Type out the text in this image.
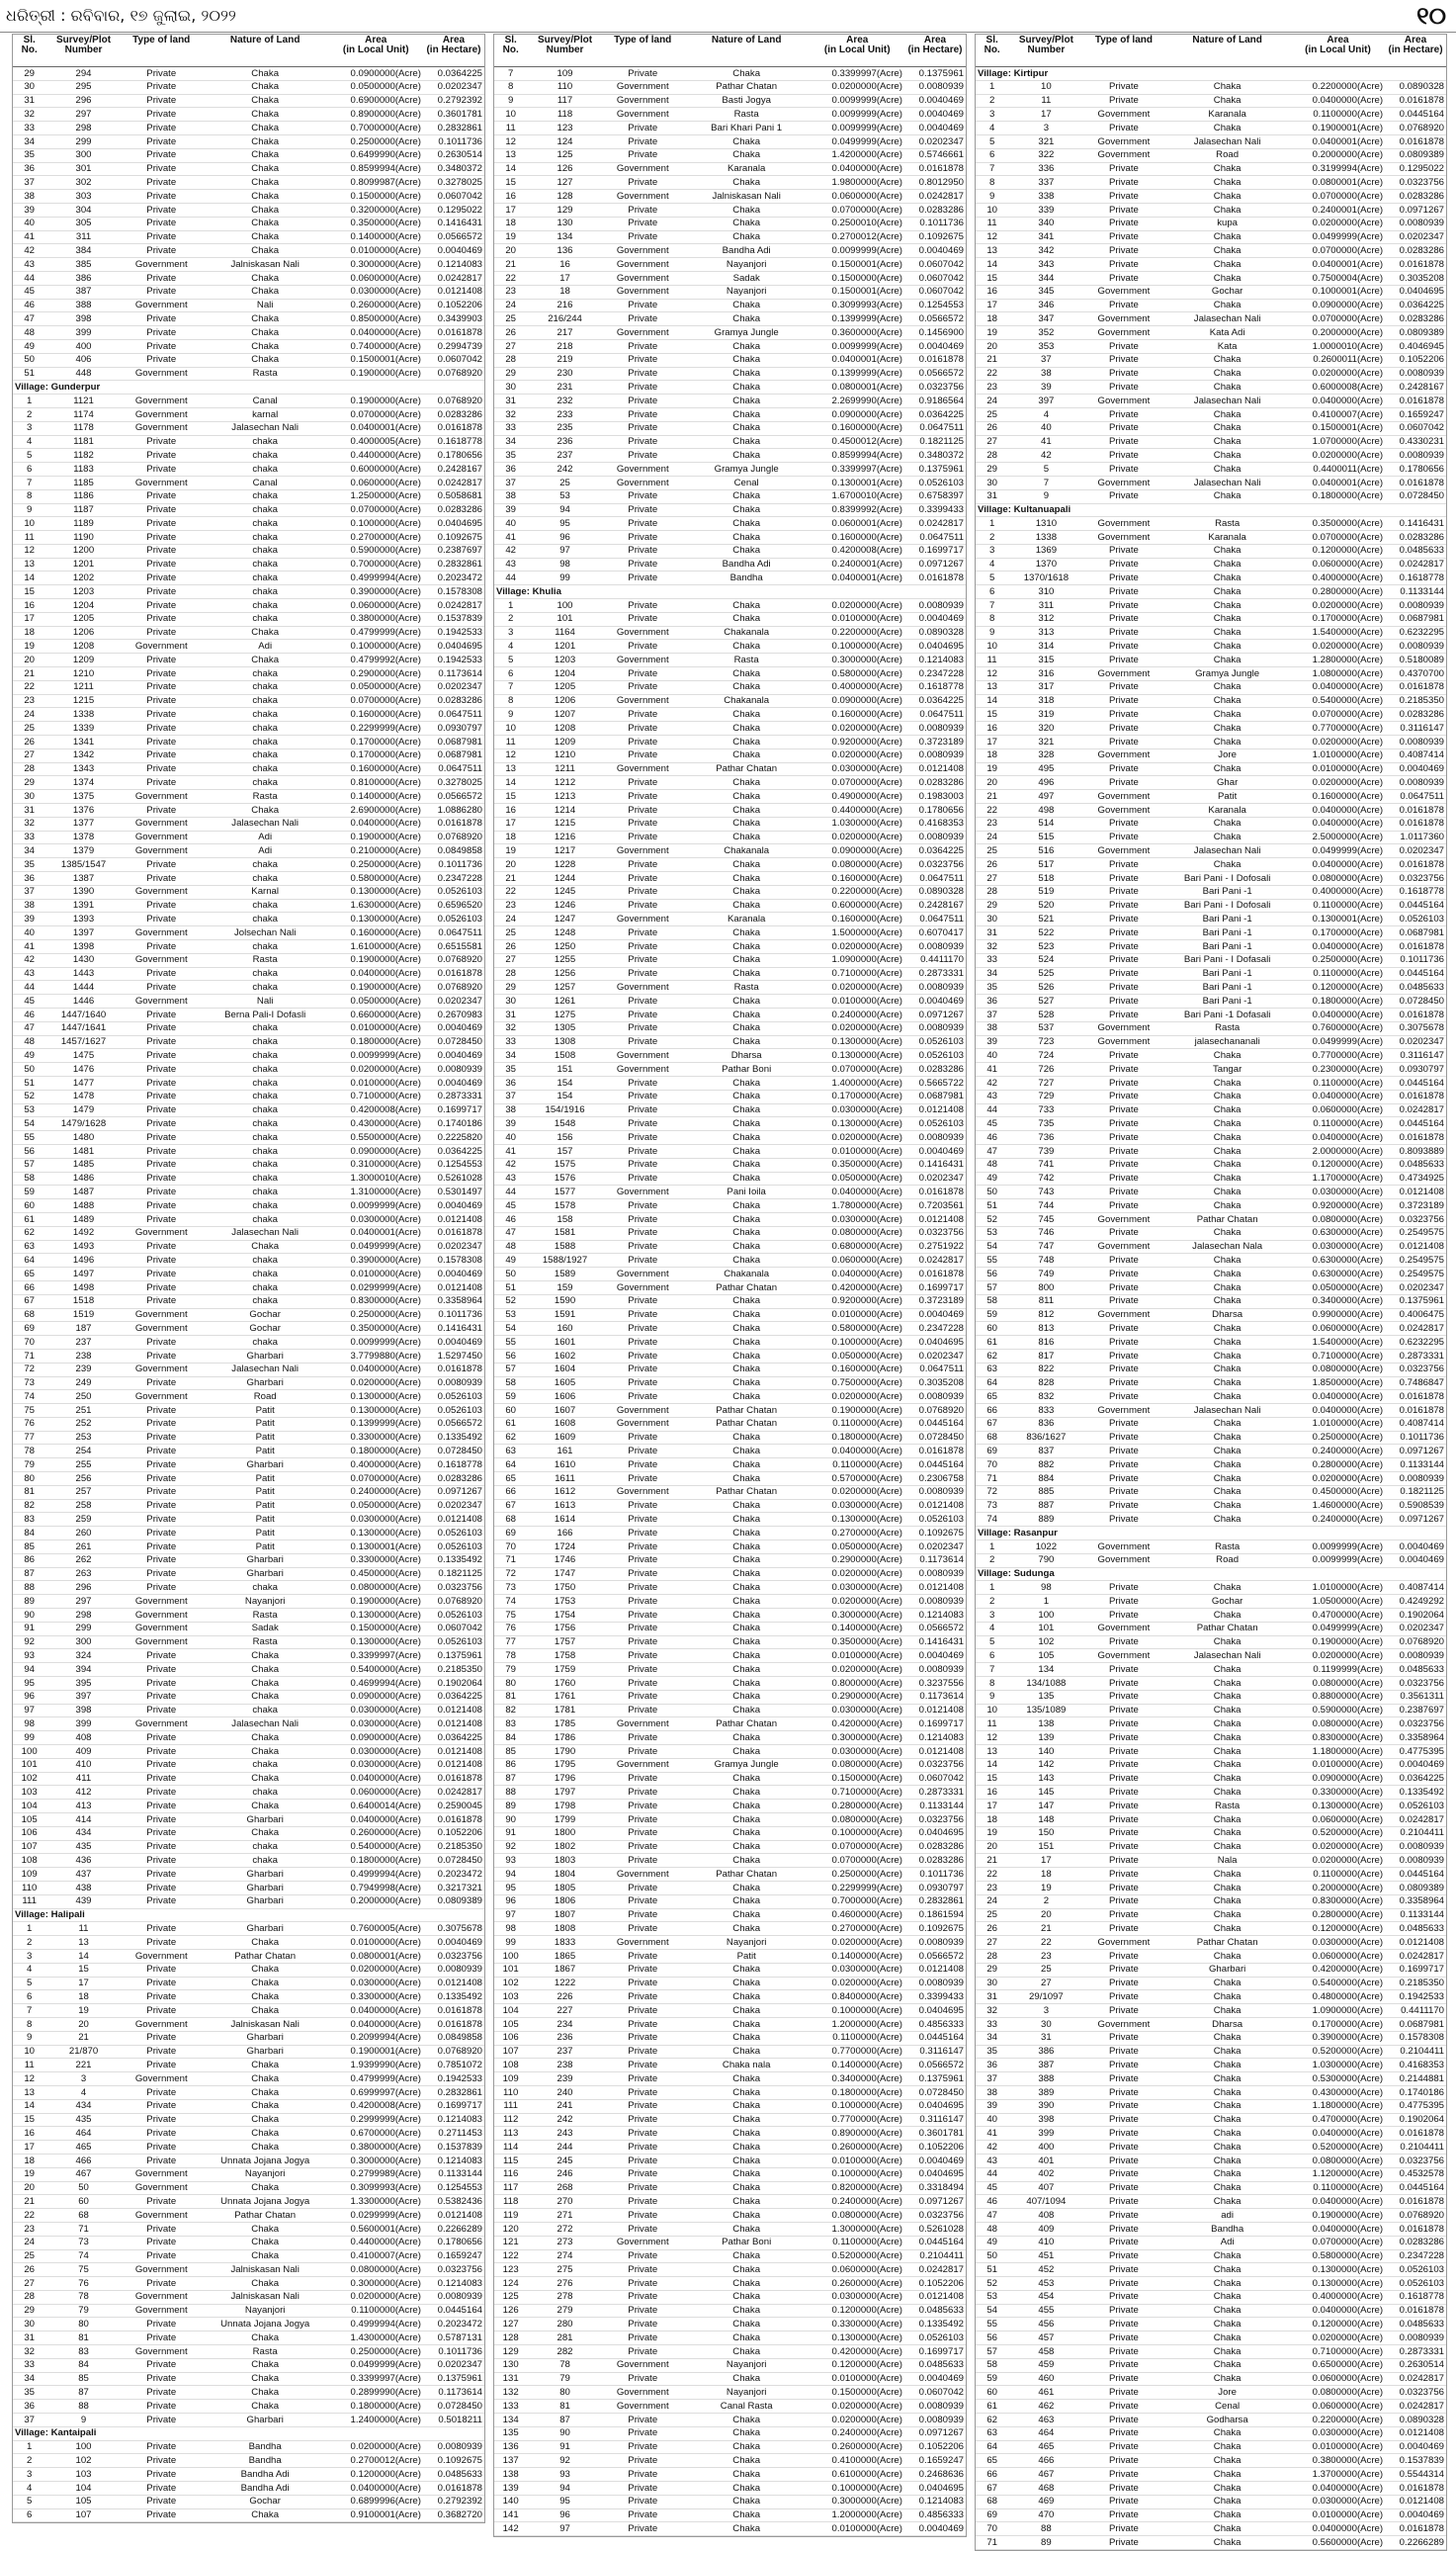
ଧରିତ୍ରୀ : ରବିବାର, ୧୭ ଜୁଲାଇ, ୨୦୨୨	୧୦
Sl.
No.	Survey/Plot
Number	Type of land	Nature of Land	Area
(in Local Unit)	Area
(in Hectare)
29	294	Private	Chaka	0.0900000(Acre)	0.0364225
30	295	Private	Chaka	0.0500000(Acre)	0.0202347
31	296	Private	Chaka	0.6900000(Acre)	0.2792392
32	297	Private	Chaka	0.8900000(Acre)	0.3601781
33	298	Private	Chaka	0.7000000(Acre)	0.2832861
34	299	Private	Chaka	0.2500000(Acre)	0.1011736
35	300	Private	Chaka	0.6499990(Acre)	0.2630514
36	301	Private	Chaka	0.8599994(Acre)	0.3480372
37	302	Private	Chaka	0.8099987(Acre)	0.3278025
38	303	Private	Chaka	0.1500000(Acre)	0.0607042
39	304	Private	Chaka	0.3200000(Acre)	0.1295022
40	305	Private	Chaka	0.3500000(Acre)	0.1416431
41	311	Private	Chaka	0.1400000(Acre)	0.0566572
42	384	Private	Chaka	0.0100000(Acre)	0.0040469
43	385	Government	Jalniskasan Nali	0.3000000(Acre)	0.1214083
44	386	Private	Chaka	0.0600000(Acre)	0.0242817
45	387	Private	Chaka	0.0300000(Acre)	0.0121408
46	388	Government	Nali	0.2600000(Acre)	0.1052206
47	398	Private	Chaka	0.8500000(Acre)	0.3439903
48	399	Private	Chaka	0.0400000(Acre)	0.0161878
49	400	Private	Chaka	0.7400000(Acre)	0.2994739
50	406	Private	Chaka	0.1500001(Acre)	0.0607042
51	448	Government	Rasta	0.1900000(Acre)	0.0768920
Village: Gunderpur					
1	1121	Government	Canal	0.1900000(Acre)	0.0768920
2	1174	Government	karnal	0.0700000(Acre)	0.0283286
3	1178	Government	Jalasechan Nali	0.0400001(Acre)	0.0161878
4	1181	Private	chaka	0.4000005(Acre)	0.1618778
5	1182	Private	chaka	0.4400000(Acre)	0.1780656
6	1183	Private	chaka	0.6000000(Acre)	0.2428167
7	1185	Government	Canal	0.0600000(Acre)	0.0242817
8	1186	Private	chaka	1.2500000(Acre)	0.5058681
9	1187	Private	chaka	0.0700000(Acre)	0.0283286
10	1189	Private	chaka	0.1000000(Acre)	0.0404695
11	1190	Private	chaka	0.2700000(Acre)	0.1092675
12	1200	Private	chaka	0.5900000(Acre)	0.2387697
13	1201	Private	chaka	0.7000000(Acre)	0.2832861
14	1202	Private	chaka	0.4999994(Acre)	0.2023472
15	1203	Private	chaka	0.3900000(Acre)	0.1578308
16	1204	Private	chaka	0.0600000(Acre)	0.0242817
17	1205	Private	chaka	0.3800000(Acre)	0.1537839
18	1206	Private	Chaka	0.4799999(Acre)	0.1942533
19	1208	Government	Adi	0.1000000(Acre)	0.0404695
20	1209	Private	Chaka	0.4799992(Acre)	0.1942533
21	1210	Private	chaka	0.2900000(Acre)	0.1173614
22	1211	Private	chaka	0.0500000(Acre)	0.0202347
23	1215	Private	chaka	0.0700000(Acre)	0.0283286
24	1338	Private	chaka	0.1600000(Acre)	0.0647511
25	1339	Private	chaka	0.2299999(Acre)	0.0930797
26	1341	Private	chaka	0.1700000(Acre)	0.0687981
27	1342	Private	chaka	0.1700000(Acre)	0.0687981
28	1343	Private	chaka	0.1600000(Acre)	0.0647511
29	1374	Private	chaka	0.8100000(Acre)	0.3278025
30	1375	Government	Rasta	0.1400000(Acre)	0.0566572
31	1376	Private	Chaka	2.6900000(Acre)	1.0886280
32	1377	Government	Jalasechan Nali	0.0400000(Acre)	0.0161878
33	1378	Government	Adi	0.1900000(Acre)	0.0768920
34	1379	Government	Adi	0.2100000(Acre)	0.0849858
35	1385/1547	Private	chaka	0.2500000(Acre)	0.1011736
36	1387	Private	chaka	0.5800000(Acre)	0.2347228
37	1390	Government	Karnal	0.1300000(Acre)	0.0526103
38	1391	Private	chaka	1.6300000(Acre)	0.6596520
39	1393	Private	chaka	0.1300000(Acre)	0.0526103
40	1397	Government	Jolsechan Nali	0.1600000(Acre)	0.0647511
41	1398	Private	chaka	1.6100000(Acre)	0.6515581
42	1430	Government	Rasta	0.1900000(Acre)	0.0768920
43	1443	Private	chaka	0.0400000(Acre)	0.0161878
44	1444	Private	chaka	0.1900000(Acre)	0.0768920
45	1446	Government	Nali	0.0500000(Acre)	0.0202347
46	1447/1640	Private	Berna Pali-I Dofasli	0.6600000(Acre)	0.2670983
47	1447/1641	Private	chaka	0.0100000(Acre)	0.0040469
48	1457/1627	Private	chaka	0.1800000(Acre)	0.0728450
49	1475	Private	chaka	0.0099999(Acre)	0.0040469
50	1476	Private	chaka	0.0200000(Acre)	0.0080939
51	1477	Private	chaka	0.0100000(Acre)	0.0040469
52	1478	Private	chaka	0.7100000(Acre)	0.2873331
53	1479	Private	chaka	0.4200008(Acre)	0.1699717
54	1479/1628	Private	chaka	0.4300000(Acre)	0.1740186
55	1480	Private	chaka	0.5500000(Acre)	0.2225820
56	1481	Private	chaka	0.0900000(Acre)	0.0364225
57	1485	Private	chaka	0.3100000(Acre)	0.1254553
58	1486	Private	chaka	1.3000010(Acre)	0.5261028
59	1487	Private	chaka	1.3100000(Acre)	0.5301497
60	1488	Private	chaka	0.0099999(Acre)	0.0040469
61	1489	Private	chaka	0.0300000(Acre)	0.0121408
62	1492	Government	Jalasechan Nali	0.0400001(Acre)	0.0161878
63	1493	Private	Chaka	0.0499999(Acre)	0.0202347
64	1496	Private	chaka	0.3900000(Acre)	0.1578308
65	1497	Private	chaka	0.0100000(Acre)	0.0040469
66	1498	Private	chaka	0.0299999(Acre)	0.0121408
67	1518	Private	chaka	0.8300000(Acre)	0.3358964
68	1519	Government	Gochar	0.2500000(Acre)	0.1011736
69	187	Government	Gochar	0.3500000(Acre)	0.1416431
70	237	Private	chaka	0.0099999(Acre)	0.0040469
71	238	Private	Gharbari	3.7799880(Acre)	1.5297450
72	239	Government	Jalasechan Nali	0.0400000(Acre)	0.0161878
73	249	Private	Gharbari	0.0200000(Acre)	0.0080939
74	250	Government	Road	0.1300000(Acre)	0.0526103
75	251	Private	Patit	0.1300000(Acre)	0.0526103
76	252	Private	Patit	0.1399999(Acre)	0.0566572
77	253	Private	Patit	0.3300000(Acre)	0.1335492
78	254	Private	Patit	0.1800000(Acre)	0.0728450
79	255	Private	Gharbari	0.4000000(Acre)	0.1618778
80	256	Private	Patit	0.0700000(Acre)	0.0283286
81	257	Private	Patit	0.2400000(Acre)	0.0971267
82	258	Private	Patit	0.0500000(Acre)	0.0202347
83	259	Private	Patit	0.0300000(Acre)	0.0121408
84	260	Private	Patit	0.1300000(Acre)	0.0526103
85	261	Private	Patit	0.1300001(Acre)	0.0526103
86	262	Private	Gharbari	0.3300000(Acre)	0.1335492
87	263	Private	Gharbari	0.4500000(Acre)	0.1821125
88	296	Private	chaka	0.0800000(Acre)	0.0323756
89	297	Government	Nayanjori	0.1900000(Acre)	0.0768920
90	298	Government	Rasta	0.1300000(Acre)	0.0526103
91	299	Government	Sadak	0.1500000(Acre)	0.0607042
92	300	Government	Rasta	0.1300000(Acre)	0.0526103
93	324	Private	Chaka	0.3399997(Acre)	0.1375961
94	394	Private	Chaka	0.5400000(Acre)	0.2185350
95	395	Private	Chaka	0.4699994(Acre)	0.1902064
96	397	Private	Chaka	0.0900000(Acre)	0.0364225
97	398	Private	chaka	0.0300000(Acre)	0.0121408
98	399	Government	Jalasechan Nali	0.0300000(Acre)	0.0121408
99	408	Private	Chaka	0.0900000(Acre)	0.0364225
100	409	Private	Chaka	0.0300000(Acre)	0.0121408
101	410	Private	chaka	0.0300000(Acre)	0.0121408
102	411	Private	Chaka	0.0400000(Acre)	0.0161878
103	412	Private	chaka	0.0600000(Acre)	0.0242817
104	413	Private	Chaka	0.6400014(Acre)	0.2590045
105	414	Private	Gharbari	0.0400000(Acre)	0.0161878
106	434	Private	Chaka	0.2600000(Acre)	0.1052206
107	435	Private	chaka	0.5400000(Acre)	0.2185350
108	436	Private	chaka	0.1800000(Acre)	0.0728450
109	437	Private	Gharbari	0.4999994(Acre)	0.2023472
110	438	Private	Gharbari	0.7949998(Acre)	0.3217321
111	439	Private	Gharbari	0.2000000(Acre)	0.0809389
Village: Halipali					
1	11	Private	Gharbari	0.7600005(Acre)	0.3075678
2	13	Private	Chaka	0.0100000(Acre)	0.0040469
3	14	Government	Pathar Chatan	0.0800001(Acre)	0.0323756
4	15	Private	Chaka	0.0200000(Acre)	0.0080939
5	17	Private	Chaka	0.0300000(Acre)	0.0121408
6	18	Private	Chaka	0.3300000(Acre)	0.1335492
7	19	Private	Chaka	0.0400000(Acre)	0.0161878
8	20	Government	Jalniskasan Nali	0.0400000(Acre)	0.0161878
9	21	Private	Gharbari	0.2099994(Acre)	0.0849858
10	21/870	Private	Gharbari	0.1900001(Acre)	0.0768920
11	221	Private	Chaka	1.9399990(Acre)	0.7851072
12	3	Government	Chaka	0.4799999(Acre)	0.1942533
13	4	Private	Chaka	0.6999997(Acre)	0.2832861
14	434	Private	Chaka	0.4200008(Acre)	0.1699717
15	435	Private	Chaka	0.2999999(Acre)	0.1214083
16	464	Private	Chaka	0.6700000(Acre)	0.2711453
17	465	Private	Chaka	0.3800000(Acre)	0.1537839
18	466	Private	Unnata Jojana Jogya	0.3000000(Acre)	0.1214083
19	467	Government	Nayanjori	0.2799989(Acre)	0.1133144
20	50	Government	Chaka	0.3099993(Acre)	0.1254553
21	60	Private	Unnata Jojana Jogya	1.3300000(Acre)	0.5382436
22	68	Government	Pathar Chatan	0.0299999(Acre)	0.0121408
23	71	Private	Chaka	0.5600001(Acre)	0.2266289
24	73	Private	Chaka	0.4400000(Acre)	0.1780656
25	74	Private	Chaka	0.4100007(Acre)	0.1659247
26	75	Government	Jalniskasan Nali	0.0800000(Acre)	0.0323756
27	76	Private	Chaka	0.3000000(Acre)	0.1214083
28	78	Government	Jalniskasan Nali	0.0200000(Acre)	0.0080939
29	79	Government	Nayanjori	0.1100000(Acre)	0.0445164
30	80	Private	Unnata Jojana Jogya	0.4999994(Acre)	0.2023472
31	81	Private	Chaka	1.4300000(Acre)	0.5787131
32	83	Government	Rasta	0.2500000(Acre)	0.1011736
33	84	Private	Chaka	0.0499999(Acre)	0.0202347
34	85	Private	Chaka	0.3399997(Acre)	0.1375961
35	87	Private	Chaka	0.2899990(Acre)	0.1173614
36	88	Private	Chaka	0.1800000(Acre)	0.0728450
37	9	Private	Gharbari	1.2400000(Acre)	0.5018211
Village: Kantaipali					
1	100	Private	Bandha	0.0200000(Acre)	0.0080939
2	102	Private	Bandha	0.2700012(Acre)	0.1092675
3	103	Private	Bandha Adi	0.1200000(Acre)	0.0485633
4	104	Private	Bandha Adi	0.0400000(Acre)	0.0161878
5	105	Private	Gochar	0.6899996(Acre)	0.2792392
6	107	Private	Chaka	0.9100001(Acre)	0.3682720
Sl.
No.	Survey/Plot
Number	Type of land	Nature of Land	Area
(in Local Unit)	Area
(in Hectare)
7	109	Private	Chaka	0.3399997(Acre)	0.1375961
8	110	Government	Pathar Chatan	0.0200000(Acre)	0.0080939
9	117	Government	Basti Jogya	0.0099999(Acre)	0.0040469
10	118	Government	Rasta	0.0099999(Acre)	0.0040469
11	123	Private	Bari Khari Pani 1	0.0099999(Acre)	0.0040469
12	124	Private	Chaka	0.0499999(Acre)	0.0202347
13	125	Private	Chaka	1.4200000(Acre)	0.5746661
14	126	Government	Karanala	0.0400000(Acre)	0.0161878
15	127	Private	Chaka	1.9800000(Acre)	0.8012950
16	128	Government	Jalniskasan Nali	0.0600000(Acre)	0.0242817
17	129	Private	Chaka	0.0700000(Acre)	0.0283286
18	130	Private	Chaka	0.2500010(Acre)	0.1011736
19	134	Private	Chaka	0.2700012(Acre)	0.1092675
20	136	Government	Bandha Adi	0.0099999(Acre)	0.0040469
21	16	Government	Nayanjori	0.1500001(Acre)	0.0607042
22	17	Government	Sadak	0.1500000(Acre)	0.0607042
23	18	Government	Nayanjori	0.1500001(Acre)	0.0607042
24	216	Private	Chaka	0.3099993(Acre)	0.1254553
25	216/244	Private	Chaka	0.1399999(Acre)	0.0566572
26	217	Government	Gramya Jungle	0.3600000(Acre)	0.1456900
27	218	Private	Chaka	0.0099999(Acre)	0.0040469
28	219	Private	Chaka	0.0400001(Acre)	0.0161878
29	230	Private	Chaka	0.1399999(Acre)	0.0566572
30	231	Private	Chaka	0.0800001(Acre)	0.0323756
31	232	Private	Chaka	2.2699990(Acre)	0.9186564
32	233	Private	Chaka	0.0900000(Acre)	0.0364225
33	235	Private	Chaka	0.1600000(Acre)	0.0647511
34	236	Private	Chaka	0.4500012(Acre)	0.1821125
35	237	Private	Chaka	0.8599994(Acre)	0.3480372
36	242	Government	Gramya Jungle	0.3399997(Acre)	0.1375961
37	25	Government	Cenal	0.1300001(Acre)	0.0526103
38	53	Private	Chaka	1.6700010(Acre)	0.6758397
39	94	Private	Chaka	0.8399992(Acre)	0.3399433
40	95	Private	Chaka	0.0600001(Acre)	0.0242817
41	96	Private	Chaka	0.1600000(Acre)	0.0647511
42	97	Private	Chaka	0.4200008(Acre)	0.1699717
43	98	Private	Bandha Adi	0.2400001(Acre)	0.0971267
44	99	Private	Bandha	0.0400001(Acre)	0.0161878
Village: Khulia					
1	100	Private	Chaka	0.0200000(Acre)	0.0080939
2	101	Private	Chaka	0.0100000(Acre)	0.0040469
3	1164	Government	Chakanala	0.2200000(Acre)	0.0890328
4	1201	Private	Chaka	0.1000000(Acre)	0.0404695
5	1203	Government	Rasta	0.3000000(Acre)	0.1214083
6	1204	Private	Chaka	0.5800000(Acre)	0.2347228
7	1205	Private	Chaka	0.4000000(Acre)	0.1618778
8	1206	Government	Chakanala	0.0900000(Acre)	0.0364225
9	1207	Private	Chaka	0.1600000(Acre)	0.0647511
10	1208	Private	Chaka	0.0200000(Acre)	0.0080939
11	1209	Private	Chaka	0.9200000(Acre)	0.3723189
12	1210	Private	Chaka	0.0200000(Acre)	0.0080939
13	1211	Government	Pathar Chatan	0.0300000(Acre)	0.0121408
14	1212	Private	Chaka	0.0700000(Acre)	0.0283286
15	1213	Private	Chaka	0.4900000(Acre)	0.1983003
16	1214	Private	Chaka	0.4400000(Acre)	0.1780656
17	1215	Private	Chaka	1.0300000(Acre)	0.4168353
18	1216	Private	Chaka	0.0200000(Acre)	0.0080939
19	1217	Government	Chakanala	0.0900000(Acre)	0.0364225
20	1228	Private	Chaka	0.0800000(Acre)	0.0323756
21	1244	Private	Chaka	0.1600000(Acre)	0.0647511
22	1245	Private	Chaka	0.2200000(Acre)	0.0890328
23	1246	Private	Chaka	0.6000000(Acre)	0.2428167
24	1247	Government	Karanala	0.1600000(Acre)	0.0647511
25	1248	Private	Chaka	1.5000000(Acre)	0.6070417
26	1250	Private	Chaka	0.0200000(Acre)	0.0080939
27	1255	Private	Chaka	1.0900000(Acre)	0.4411170
28	1256	Private	Chaka	0.7100000(Acre)	0.2873331
29	1257	Government	Rasta	0.0200000(Acre)	0.0080939
30	1261	Private	Chaka	0.0100000(Acre)	0.0040469
31	1275	Private	Chaka	0.2400000(Acre)	0.0971267
32	1305	Private	Chaka	0.0200000(Acre)	0.0080939
33	1308	Private	Chaka	0.1300000(Acre)	0.0526103
34	1508	Government	Dharsa	0.1300000(Acre)	0.0526103
35	151	Government	Pathar Boni	0.0700000(Acre)	0.0283286
36	154	Private	Chaka	1.4000000(Acre)	0.5665722
37	154	Private	Chaka	0.1700000(Acre)	0.0687981
38	154/1916	Private	Chaka	0.0300000(Acre)	0.0121408
39	1548	Private	Chaka	0.1300000(Acre)	0.0526103
40	156	Private	Chaka	0.0200000(Acre)	0.0080939
41	157	Private	Chaka	0.0100000(Acre)	0.0040469
42	1575	Private	Chaka	0.3500000(Acre)	0.1416431
43	1576	Private	Chaka	0.0500000(Acre)	0.0202347
44	1577	Government	Pani Ioila	0.0400000(Acre)	0.0161878
45	1578	Private	Chaka	1.7800000(Acre)	0.7203561
46	158	Private	Chaka	0.0300000(Acre)	0.0121408
47	1581	Private	Chaka	0.0800000(Acre)	0.0323756
48	1588	Private	Chaka	0.6800000(Acre)	0.2751922
49	1588/1927	Private	Chaka	0.0600000(Acre)	0.0242817
50	1589	Government	Chakanala	0.0400000(Acre)	0.0161878
51	159	Government	Pathar Chatan	0.4200000(Acre)	0.1699717
52	1590	Private	Chaka	0.9200000(Acre)	0.3723189
53	1591	Private	Chaka	0.0100000(Acre)	0.0040469
54	160	Private	Chaka	0.5800000(Acre)	0.2347228
55	1601	Private	Chaka	0.1000000(Acre)	0.0404695
56	1602	Private	Chaka	0.0500000(Acre)	0.0202347
57	1604	Private	Chaka	0.1600000(Acre)	0.0647511
58	1605	Private	Chaka	0.7500000(Acre)	0.3035208
59	1606	Private	Chaka	0.0200000(Acre)	0.0080939
60	1607	Government	Pathar Chatan	0.1900000(Acre)	0.0768920
61	1608	Government	Pathar Chatan	0.1100000(Acre)	0.0445164
62	1609	Private	Chaka	0.1800000(Acre)	0.0728450
63	161	Private	Chaka	0.0400000(Acre)	0.0161878
64	1610	Private	Chaka	0.1100000(Acre)	0.0445164
65	1611	Private	Chaka	0.5700000(Acre)	0.2306758
66	1612	Government	Pathar Chatan	0.0200000(Acre)	0.0080939
67	1613	Private	Chaka	0.0300000(Acre)	0.0121408
68	1614	Private	Chaka	0.1300000(Acre)	0.0526103
69	166	Private	Chaka	0.2700000(Acre)	0.1092675
70	1724	Private	Chaka	0.0500000(Acre)	0.0202347
71	1746	Private	Chaka	0.2900000(Acre)	0.1173614
72	1747	Private	Chaka	0.0200000(Acre)	0.0080939
73	1750	Private	Chaka	0.0300000(Acre)	0.0121408
74	1753	Private	Chaka	0.0200000(Acre)	0.0080939
75	1754	Private	Chaka	0.3000000(Acre)	0.1214083
76	1756	Private	Chaka	0.1400000(Acre)	0.0566572
77	1757	Private	Chaka	0.3500000(Acre)	0.1416431
78	1758	Private	Chaka	0.0100000(Acre)	0.0040469
79	1759	Private	Chaka	0.0200000(Acre)	0.0080939
80	1760	Private	Chaka	0.8000000(Acre)	0.3237556
81	1761	Private	Chaka	0.2900000(Acre)	0.1173614
82	1781	Private	Chaka	0.0300000(Acre)	0.0121408
83	1785	Government	Pathar Chatan	0.4200000(Acre)	0.1699717
84	1786	Private	Chaka	0.3000000(Acre)	0.1214083
85	1790	Private	Chaka	0.0300000(Acre)	0.0121408
86	1795	Government	Gramya Jungle	0.0800000(Acre)	0.0323756
87	1796	Private	Chaka	0.1500000(Acre)	0.0607042
88	1797	Private	Chaka	0.7100000(Acre)	0.2873331
89	1798	Private	Chaka	0.2800000(Acre)	0.1133144
90	1799	Private	Chaka	0.0800000(Acre)	0.0323756
91	1800	Private	Chaka	0.1000000(Acre)	0.0404695
92	1802	Private	Chaka	0.0700000(Acre)	0.0283286
93	1803	Private	Chaka	0.0700000(Acre)	0.0283286
94	1804	Government	Pathar Chatan	0.2500000(Acre)	0.1011736
95	1805	Private	Chaka	0.2299999(Acre)	0.0930797
96	1806	Private	Chaka	0.7000000(Acre)	0.2832861
97	1807	Private	Chaka	0.4600000(Acre)	0.1861594
98	1808	Private	Chaka	0.2700000(Acre)	0.1092675
99	1833	Government	Nayanjori	0.0200000(Acre)	0.0080939
100	1865	Private	Patit	0.1400000(Acre)	0.0566572
101	1867	Private	Chaka	0.0300000(Acre)	0.0121408
102	1222	Private	Chaka	0.0200000(Acre)	0.0080939
103	226	Private	Chaka	0.8400000(Acre)	0.3399433
104	227	Private	Chaka	0.1000000(Acre)	0.0404695
105	234	Private	Chaka	1.2000000(Acre)	0.4856333
106	236	Private	Chaka	0.1100000(Acre)	0.0445164
107	237	Private	Chaka	0.7700000(Acre)	0.3116147
108	238	Private	Chaka nala	0.1400000(Acre)	0.0566572
109	239	Private	Chaka	0.3400000(Acre)	0.1375961
110	240	Private	Chaka	0.1800000(Acre)	0.0728450
111	241	Private	Chaka	0.1000000(Acre)	0.0404695
112	242	Private	Chaka	0.7700000(Acre)	0.3116147
113	243	Private	Chaka	0.8900000(Acre)	0.3601781
114	244	Private	Chaka	0.2600000(Acre)	0.1052206
115	245	Private	Chaka	0.0100000(Acre)	0.0040469
116	246	Private	Chaka	0.1000000(Acre)	0.0404695
117	268	Private	Chaka	0.8200000(Acre)	0.3318494
118	270	Private	Chaka	0.2400000(Acre)	0.0971267
119	271	Private	Chaka	0.0800000(Acre)	0.0323756
120	272	Private	Chaka	1.3000000(Acre)	0.5261028
121	273	Government	Pathar Boni	0.1100000(Acre)	0.0445164
122	274	Private	Chaka	0.5200000(Acre)	0.2104411
123	275	Private	Chaka	0.0600000(Acre)	0.0242817
124	276	Private	Chaka	0.2600000(Acre)	0.1052206
125	278	Private	Chaka	0.0300000(Acre)	0.0121408
126	279	Private	Chaka	0.1200000(Acre)	0.0485633
127	280	Private	Chaka	0.3300000(Acre)	0.1335492
128	281	Private	Chaka	0.1300000(Acre)	0.0526103
129	282	Private	Chaka	0.4200000(Acre)	0.1699717
130	78	Government	Nayanjori	0.1200000(Acre)	0.0485633
131	79	Private	Chaka	0.0100000(Acre)	0.0040469
132	80	Government	Nayanjori	0.1500000(Acre)	0.0607042
133	81	Government	Canal Rasta	0.0200000(Acre)	0.0080939
134	87	Private	Chaka	0.0200000(Acre)	0.0080939
135	90	Private	Chaka	0.2400000(Acre)	0.0971267
136	91	Private	Chaka	0.2600000(Acre)	0.1052206
137	92	Private	Chaka	0.4100000(Acre)	0.1659247
138	93	Private	Chaka	0.6100000(Acre)	0.2468636
139	94	Private	Chaka	0.1000000(Acre)	0.0404695
140	95	Private	Chaka	0.3000000(Acre)	0.1214083
141	96	Private	Chaka	1.2000000(Acre)	0.4856333
142	97	Private	Chaka	0.0100000(Acre)	0.0040469
Sl.
No.	Survey/Plot
Number	Type of land	Nature of Land	Area
(in Local Unit)	Area
(in Hectare)
Village: Kirtipur					
1	10	Private	Chaka	0.2200000(Acre)	0.0890328
2	11	Private	Chaka	0.0400000(Acre)	0.0161878
3	17	Government	Karanala	0.1100000(Acre)	0.0445164
4	3	Private	Chaka	0.1900001(Acre)	0.0768920
5	321	Government	Jalasechan Nali	0.0400001(Acre)	0.0161878
6	322	Government	Road	0.2000000(Acre)	0.0809389
7	336	Private	Chaka	0.3199994(Acre)	0.1295022
8	337	Private	Chaka	0.0800001(Acre)	0.0323756
9	338	Private	Chaka	0.0700000(Acre)	0.0283286
10	339	Private	Chaka	0.2400001(Acre)	0.0971267
11	340	Private	kupa	0.0200000(Acre)	0.0080939
12	341	Private	Chaka	0.0499999(Acre)	0.0202347
13	342	Private	Chaka	0.0700000(Acre)	0.0283286
14	343	Private	Chaka	0.0400001(Acre)	0.0161878
15	344	Private	Chaka	0.7500004(Acre)	0.3035208
16	345	Government	Gochar	0.1000001(Acre)	0.0404695
17	346	Private	Chaka	0.0900000(Acre)	0.0364225
18	347	Government	Jalasechan Nali	0.0700000(Acre)	0.0283286
19	352	Government	Kata Adi	0.2000000(Acre)	0.0809389
20	353	Private	Kata	1.0000010(Acre)	0.4046945
21	37	Private	Chaka	0.2600011(Acre)	0.1052206
22	38	Private	Chaka	0.0200000(Acre)	0.0080939
23	39	Private	Chaka	0.6000008(Acre)	0.2428167
24	397	Government	Jalasechan Nali	0.0400000(Acre)	0.0161878
25	4	Private	Chaka	0.4100007(Acre)	0.1659247
26	40	Private	Chaka	0.1500001(Acre)	0.0607042
27	41	Private	Chaka	1.0700000(Acre)	0.4330231
28	42	Private	Chaka	0.0200000(Acre)	0.0080939
29	5	Private	Chaka	0.4400011(Acre)	0.1780656
30	7	Government	Jalasechan Nali	0.0400001(Acre)	0.0161878
31	9	Private	Chaka	0.1800000(Acre)	0.0728450
Village: Kultanuapali					
1	1310	Government	Rasta	0.3500000(Acre)	0.1416431
2	1338	Government	Karanala	0.0700000(Acre)	0.0283286
3	1369	Private	Chaka	0.1200000(Acre)	0.0485633
4	1370	Private	Chaka	0.0600000(Acre)	0.0242817
5	1370/1618	Private	Chaka	0.4000000(Acre)	0.1618778
6	310	Private	Chaka	0.2800000(Acre)	0.1133144
7	311	Private	Chaka	0.0200000(Acre)	0.0080939
8	312	Private	Chaka	0.1700000(Acre)	0.0687981
9	313	Private	Chaka	1.5400000(Acre)	0.6232295
10	314	Private	Chaka	0.0200000(Acre)	0.0080939
11	315	Private	Chaka	1.2800000(Acre)	0.5180089
12	316	Government	Gramya Jungle	1.0800000(Acre)	0.4370700
13	317	Private	Chaka	0.0400000(Acre)	0.0161878
14	318	Private	Chaka	0.5400000(Acre)	0.2185350
15	319	Private	Chaka	0.0700000(Acre)	0.0283286
16	320	Private	Chaka	0.7700000(Acre)	0.3116147
17	321	Private	Chaka	0.0200000(Acre)	0.0080939
18	328	Government	Jore	1.0100000(Acre)	0.4087414
19	495	Private	Chaka	0.0100000(Acre)	0.0040469
20	496	Private	Ghar	0.0200000(Acre)	0.0080939
21	497	Government	Patit	0.1600000(Acre)	0.0647511
22	498	Government	Karanala	0.0400000(Acre)	0.0161878
23	514	Private	Chaka	0.0400000(Acre)	0.0161878
24	515	Private	Chaka	2.5000000(Acre)	1.0117360
25	516	Government	Jalasechan Nali	0.0499999(Acre)	0.0202347
26	517	Private	Chaka	0.0400000(Acre)	0.0161878
27	518	Private	Bari Pani - I Dofosali	0.0800000(Acre)	0.0323756
28	519	Private	Bari Pani -1	0.4000000(Acre)	0.1618778
29	520	Private	Bari Pani - I Dofosali	0.1100000(Acre)	0.0445164
30	521	Private	Bari Pani -1	0.1300001(Acre)	0.0526103
31	522	Private	Bari Pani -1	0.1700000(Acre)	0.0687981
32	523	Private	Bari Pani -1	0.0400000(Acre)	0.0161878
33	524	Private	Bari Pani - I Dofasali	0.2500000(Acre)	0.1011736
34	525	Private	Bari Pani -1	0.1100000(Acre)	0.0445164
35	526	Private	Bari Pani -1	0.1200000(Acre)	0.0485633
36	527	Private	Bari Pani -1	0.1800000(Acre)	0.0728450
37	528	Private	Bari Pani -1 Dofasali	0.0400000(Acre)	0.0161878
38	537	Government	Rasta	0.7600000(Acre)	0.3075678
39	723	Government	jalasechananali	0.0499999(Acre)	0.0202347
40	724	Private	Chaka	0.7700000(Acre)	0.3116147
41	726	Private	Tangar	0.2300000(Acre)	0.0930797
42	727	Private	Chaka	0.1100000(Acre)	0.0445164
43	729	Private	Chaka	0.0400000(Acre)	0.0161878
44	733	Private	Chaka	0.0600000(Acre)	0.0242817
45	735	Private	Chaka	0.1100000(Acre)	0.0445164
46	736	Private	Chaka	0.0400000(Acre)	0.0161878
47	739	Private	Chaka	2.0000000(Acre)	0.8093889
48	741	Private	Chaka	0.1200000(Acre)	0.0485633
49	742	Private	Chaka	1.1700000(Acre)	0.4734925
50	743	Private	Chaka	0.0300000(Acre)	0.0121408
51	744	Private	Chaka	0.9200000(Acre)	0.3723189
52	745	Government	Pathar Chatan	0.0800000(Acre)	0.0323756
53	746	Private	Chaka	0.6300000(Acre)	0.2549575
54	747	Government	Jalasechan Nala	0.0300000(Acre)	0.0121408
55	748	Private	Chaka	0.6300000(Acre)	0.2549575
56	749	Private	Chaka	0.6300000(Acre)	0.2549575
57	800	Private	Chaka	0.0500000(Acre)	0.0202347
58	811	Private	Chaka	0.3400000(Acre)	0.1375961
59	812	Government	Dharsa	0.9900000(Acre)	0.4006475
60	813	Private	Chaka	0.0600000(Acre)	0.0242817
61	816	Private	Chaka	1.5400000(Acre)	0.6232295
62	817	Private	Chaka	0.7100000(Acre)	0.2873331
63	822	Private	Chaka	0.0800000(Acre)	0.0323756
64	828	Private	Chaka	1.8500000(Acre)	0.7486847
65	832	Private	Chaka	0.0400000(Acre)	0.0161878
66	833	Government	Jalasechan Nali	0.0400000(Acre)	0.0161878
67	836	Private	Chaka	1.0100000(Acre)	0.4087414
68	836/1627	Private	Chaka	0.2500000(Acre)	0.1011736
69	837	Private	Chaka	0.2400000(Acre)	0.0971267
70	882	Private	Chaka	0.2800000(Acre)	0.1133144
71	884	Private	Chaka	0.0200000(Acre)	0.0080939
72	885	Private	Chaka	0.4500000(Acre)	0.1821125
73	887	Private	Chaka	1.4600000(Acre)	0.5908539
74	889	Private	Chaka	0.2400000(Acre)	0.0971267
Village: Rasanpur					
1	1022	Government	Rasta	0.0099999(Acre)	0.0040469
2	790	Government	Road	0.0099999(Acre)	0.0040469
Village: Sudunga					
1	98	Private	Chaka	1.0100000(Acre)	0.4087414
2	1	Private	Gochar	1.0500000(Acre)	0.4249292
3	100	Private	Chaka	0.4700000(Acre)	0.1902064
4	101	Government	Pathar Chatan	0.0499999(Acre)	0.0202347
5	102	Private	Chaka	0.1900000(Acre)	0.0768920
6	105	Government	Jalasechan Nali	0.0200000(Acre)	0.0080939
7	134	Private	Chaka	0.1199999(Acre)	0.0485633
8	134/1088	Private	Chaka	0.0800000(Acre)	0.0323756
9	135	Private	Chaka	0.8800000(Acre)	0.3561311
10	135/1089	Private	Chaka	0.5900000(Acre)	0.2387697
11	138	Private	Chaka	0.0800000(Acre)	0.0323756
12	139	Private	Chaka	0.8300000(Acre)	0.3358964
13	140	Private	Chaka	1.1800000(Acre)	0.4775395
14	142	Private	Chaka	0.0100000(Acre)	0.0040469
15	143	Private	Chaka	0.0900000(Acre)	0.0364225
16	145	Private	Chaka	0.3300000(Acre)	0.1335492
17	147	Private	Rasta	0.1300000(Acre)	0.0526103
18	148	Private	Chaka	0.0600000(Acre)	0.0242817
19	150	Private	Chaka	0.5200000(Acre)	0.2104411
20	151	Private	Chaka	0.0200000(Acre)	0.0080939
21	17	Private	Nala	0.0200000(Acre)	0.0080939
22	18	Private	Chaka	0.1100000(Acre)	0.0445164
23	19	Private	Chaka	0.2000000(Acre)	0.0809389
24	2	Private	Chaka	0.8300000(Acre)	0.3358964
25	20	Private	Chaka	0.2800000(Acre)	0.1133144
26	21	Private	Chaka	0.1200000(Acre)	0.0485633
27	22	Government	Pathar Chatan	0.0300000(Acre)	0.0121408
28	23	Private	Chaka	0.0600000(Acre)	0.0242817
29	25	Private	Gharbari	0.4200000(Acre)	0.1699717
30	27	Private	Chaka	0.5400000(Acre)	0.2185350
31	29/1097	Private	Chaka	0.4800000(Acre)	0.1942533
32	3	Private	Chaka	1.0900000(Acre)	0.4411170
33	30	Government	Dharsa	0.1700000(Acre)	0.0687981
34	31	Private	Chaka	0.3900000(Acre)	0.1578308
35	386	Private	Chaka	0.5200000(Acre)	0.2104411
36	387	Private	Chaka	1.0300000(Acre)	0.4168353
37	388	Private	Chaka	0.5300000(Acre)	0.2144881
38	389	Private	Chaka	0.4300000(Acre)	0.1740186
39	390	Private	Chaka	1.1800000(Acre)	0.4775395
40	398	Private	Chaka	0.4700000(Acre)	0.1902064
41	399	Private	Chaka	0.0400000(Acre)	0.0161878
42	400	Private	Chaka	0.5200000(Acre)	0.2104411
43	401	Private	Chaka	0.0800000(Acre)	0.0323756
44	402	Private	Chaka	1.1200000(Acre)	0.4532578
45	407	Private	Chaka	0.1100000(Acre)	0.0445164
46	407/1094	Private	Chaka	0.0400000(Acre)	0.0161878
47	408	Private	adi	0.1900000(Acre)	0.0768920
48	409	Private	Bandha	0.0400000(Acre)	0.0161878
49	410	Private	Adi	0.0700000(Acre)	0.0283286
50	451	Private	Chaka	0.5800000(Acre)	0.2347228
51	452	Private	Chaka	0.1300000(Acre)	0.0526103
52	453	Private	Chaka	0.1300000(Acre)	0.0526103
53	454	Private	Chaka	0.4000000(Acre)	0.1618778
54	455	Private	Chaka	0.0400000(Acre)	0.0161878
55	456	Private	Chaka	0.1200000(Acre)	0.0485633
56	457	Private	Chaka	0.0200000(Acre)	0.0080939
57	458	Private	Chaka	0.7100000(Acre)	0.2873331
58	459	Private	Chaka	0.6500000(Acre)	0.2630514
59	460	Private	Chaka	0.0600000(Acre)	0.0242817
60	461	Private	Jore	0.0800000(Acre)	0.0323756
61	462	Private	Cenal	0.0600000(Acre)	0.0242817
62	463	Private	Godharsa	0.2200000(Acre)	0.0890328
63	464	Private	Chaka	0.0300000(Acre)	0.0121408
64	465	Private	Chaka	0.0100000(Acre)	0.0040469
65	466	Private	Chaka	0.3800000(Acre)	0.1537839
66	467	Private	Chaka	1.3700000(Acre)	0.5544314
67	468	Private	Chaka	0.0400000(Acre)	0.0161878
68	469	Private	Chaka	0.0300000(Acre)	0.0121408
69	470	Private	Chaka	0.0100000(Acre)	0.0040469
70	88	Private	Chaka	0.0400000(Acre)	0.0161878
71	89	Private	Chaka	0.5600000(Acre)	0.2266289
